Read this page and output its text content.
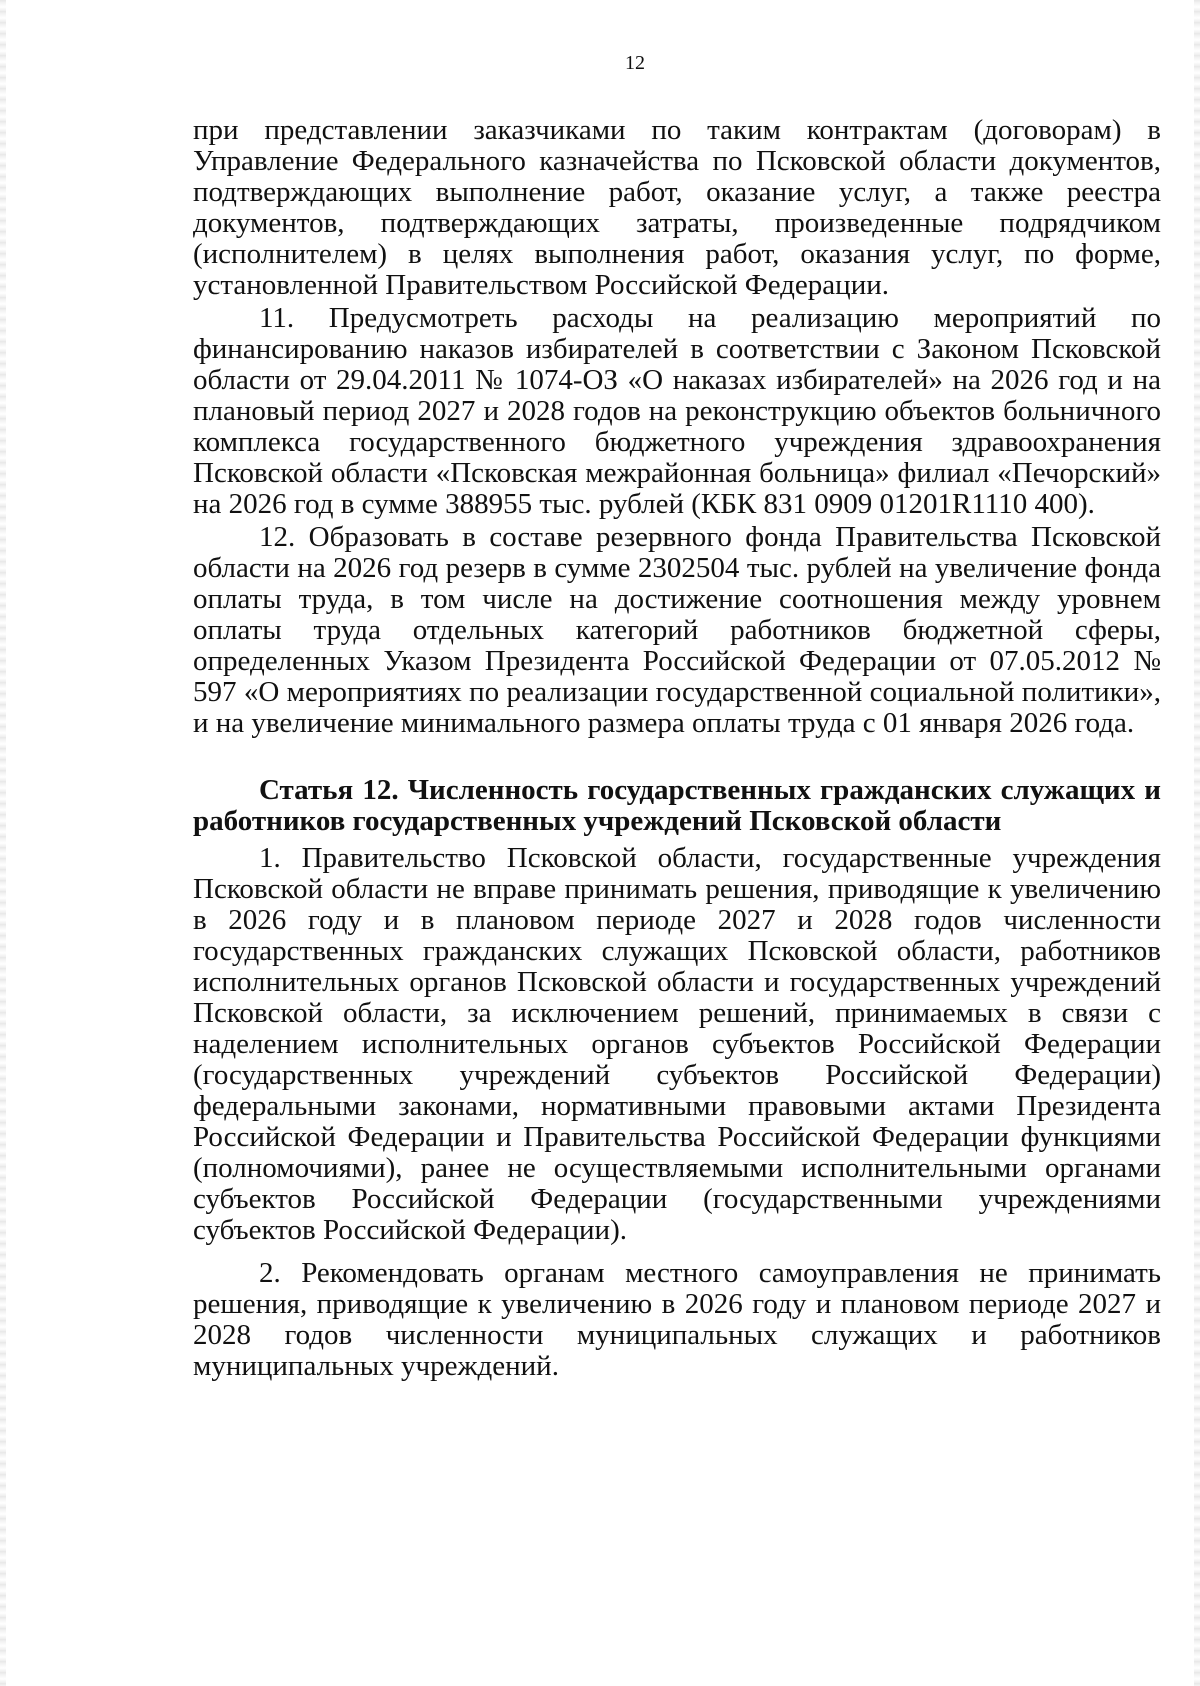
12

при представлении заказчиками по таким контрактам (договорам) в Управление Федерального казначейства по Псковской области документов, подтверждающих выполнение работ, оказание услуг, а также реестра документов, подтверждающих затраты, произведенные подрядчиком (исполнителем) в целях выполнения работ, оказания услуг, по форме, установленной Правительством Российской Федерации.

11. Предусмотреть расходы на реализацию мероприятий по финансированию наказов избирателей в соответствии с Законом Псковской области от 29.04.2011 № 1074-ОЗ «О наказах избирателей» на 2026 год и на плановый период 2027 и 2028 годов на реконструкцию объектов больничного комплекса государственного бюджетного учреждения здравоохранения Псковской области «Псковская межрайонная больница» филиал «Печорский» на 2026 год в сумме 388955 тыс. рублей (КБК 831 0909 01201R1110 400).

12. Образовать в составе резервного фонда Правительства Псковской области на 2026 год резерв в сумме 2302504 тыс. рублей на увеличение фонда оплаты труда, в том числе на достижение соотношения между уровнем оплаты труда отдельных категорий работников бюджетной сферы, определенных Указом Президента Российской Федерации от 07.05.2012 № 597 «О мероприятиях по реализации государственной социальной политики», и на увеличение минимального размера оплаты труда с 01 января 2026 года.

Статья 12. Численность государственных гражданских служащих и работников государственных учреждений Псковской области

1. Правительство Псковской области, государственные учреждения Псковской области не вправе принимать решения, приводящие к увеличению в 2026 году и в плановом периоде 2027 и 2028 годов численности государственных гражданских служащих Псковской области, работников исполнительных органов Псковской области и государственных учреждений Псковской области, за исключением решений, принимаемых в связи с наделением исполнительных органов субъектов Российской Федерации (государственных учреждений субъектов Российской Федерации) федеральными законами, нормативными правовыми актами Президента Российской Федерации и Правительства Российской Федерации функциями (полномочиями), ранее не осуществляемыми исполнительными органами субъектов Российской Федерации (государственными учреждениями субъектов Российской Федерации).

2. Рекомендовать органам местного самоуправления не принимать решения, приводящие к увеличению в 2026 году и плановом периоде 2027 и 2028 годов численности муниципальных служащих и работников муниципальных учреждений.
